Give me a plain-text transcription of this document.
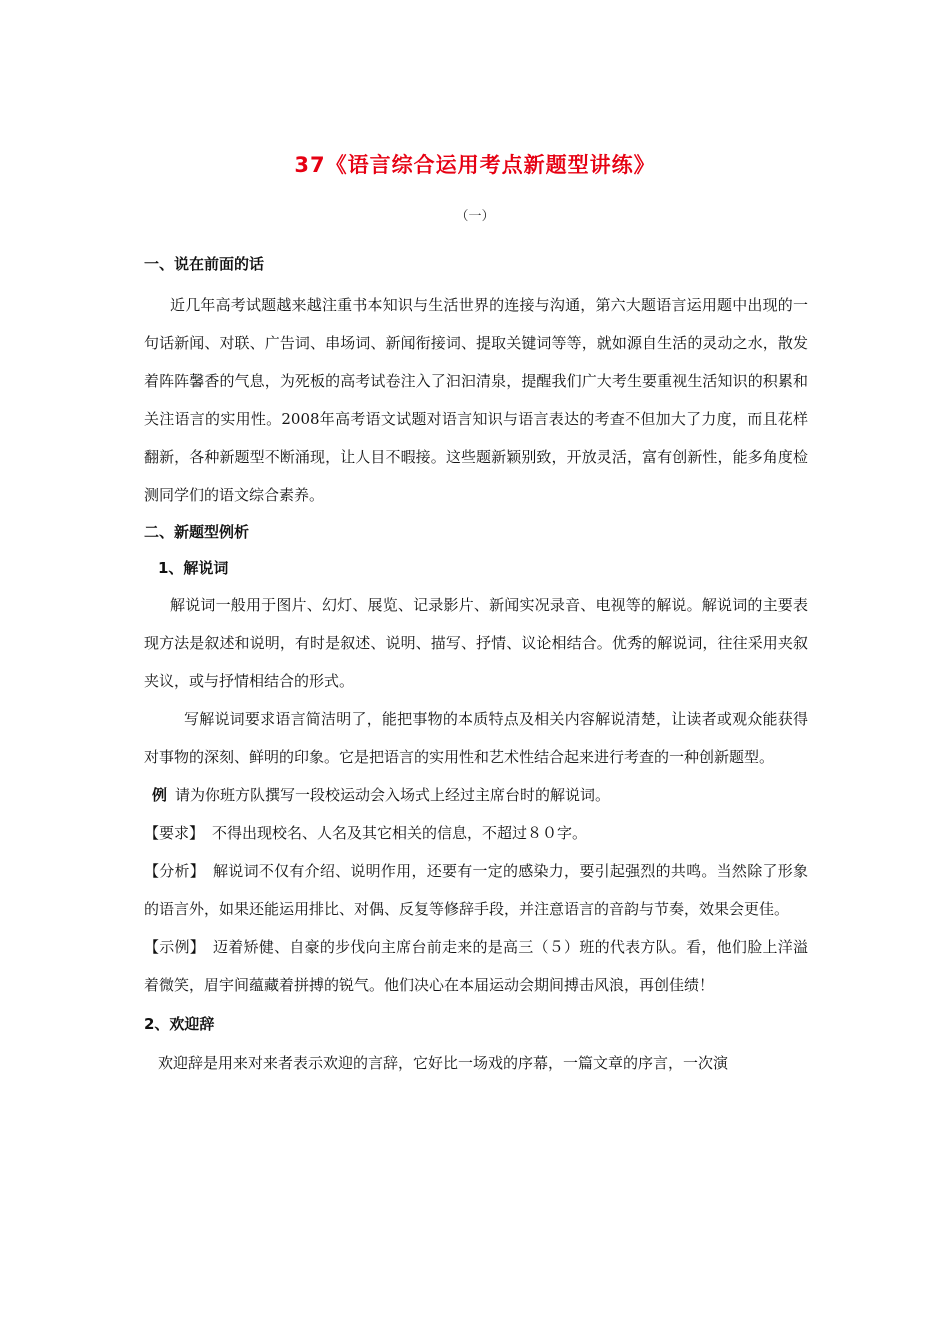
37《语言综合运用考点新题型讲练》
（一）
一、说在前面的话

近几年高考试题越来越注重书本知识与生活世界的连接与沟通，第六大题语言运用题中出现的一句话新闻、对联、广告词、串场词、新闻衔接词、提取关键词等等，就如源自生活的灵动之水，散发着阵阵馨香的气息，为死板的高考试卷注入了汩汩清泉，提醒我们广大考生要重视生活知识的积累和关注语言的实用性。2008年高考语文试题对语言知识与语言表达的考查不但加大了力度，而且花样翻新，各种新题型不断涌现，让人目不暇接。这些题新颖别致，开放灵活，富有创新性，能多角度检测同学们的语文综合素养。

二、新题型例析
1、解说词

解说词一般用于图片、幻灯、展览、记录影片、新闻实况录音、电视等的解说。解说词的主要表现方法是叙述和说明，有时是叙述、说明、描写、抒情、议论相结合。优秀的解说词，往往采用夹叙夹议，或与抒情相结合的形式。

写解说词要求语言简洁明了，能把事物的本质特点及相关内容解说清楚，让读者或观众能获得对事物的深刻、鲜明的印象。它是把语言的实用性和艺术性结合起来进行考查的一种创新题型。

例 请为你班方队撰写一段校运动会入场式上经过主席台时的解说词。

【要求】 不得出现校名、人名及其它相关的信息，不超过８０字。

【分析】 解说词不仅有介绍、说明作用，还要有一定的感染力，要引起强烈的共鸣。当然除了形象的语言外，如果还能运用排比、对偶、反复等修辞手段，并注意语言的音韵与节奏，效果会更佳。

【示例】 迈着矫健、自豪的步伐向主席台前走来的是高三（５）班的代表方队。看，他们脸上洋溢着微笑，眉宇间蕴藏着拼搏的锐气。他们决心在本届运动会期间搏击风浪，再创佳绩！

2、欢迎辞

欢迎辞是用来对来者表示欢迎的言辞，它好比一场戏的序幕，一篇文章的序言，一次演
